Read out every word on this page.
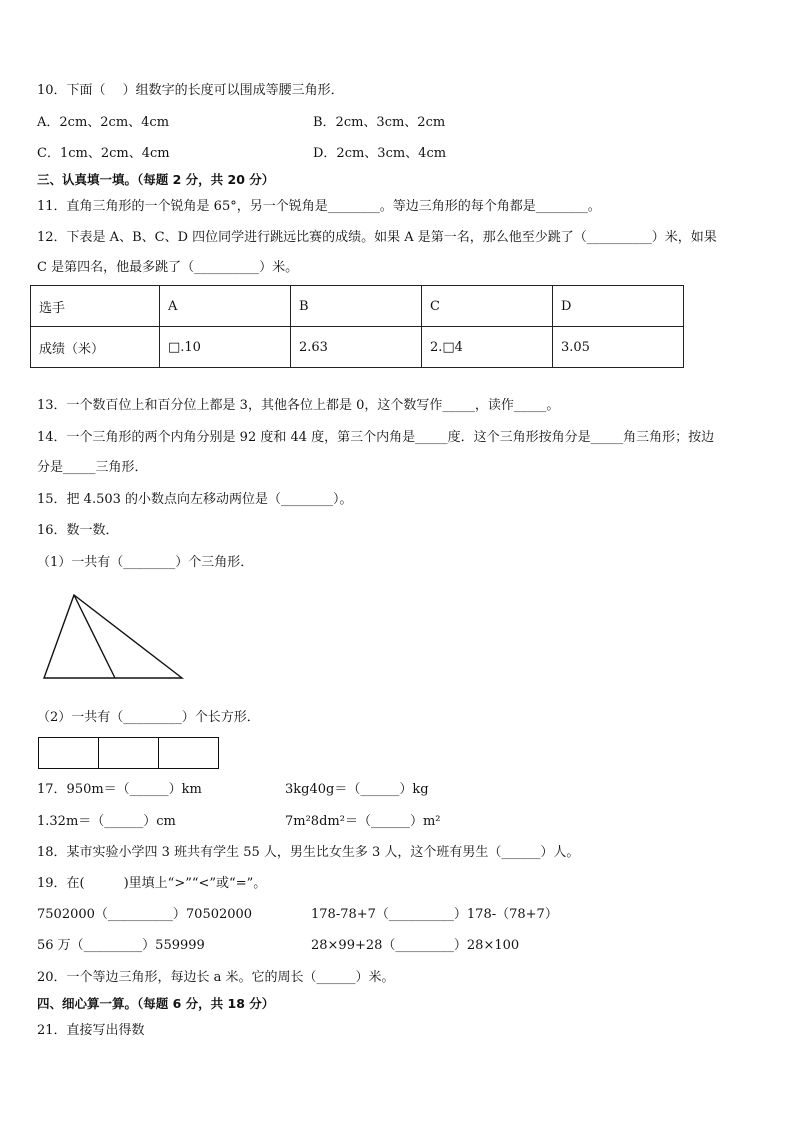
10．下面（　 ）组数字的长度可以围成等腰三角形．
A．2cm、2cm、4cm	B．2cm、3cm、2cm
C．1cm、2cm、4cm	D．2cm、3cm、4cm
三、认真填一填。（每题 2 分，共 20 分）
11．直角三角形的一个锐角是 65°，另一个锐角是________。等边三角形的每个角都是________。
12．下表是 A、B、C、D 四位同学进行跳远比赛的成绩。如果 A 是第一名，那么他至少跳了（__________）米，如果
C 是第四名，他最多跳了（__________）米。
选手	A	B	C	D
成绩（米）	□.10	2.63	2.□4	3.05
13．一个数百位上和百分位上都是 3，其他各位上都是 0，这个数写作_____，读作_____。
14．一个三角形的两个内角分别是 92 度和 44 度，第三个内角是_____度．这个三角形按角分是_____角三角形；按边
分是_____三角形．
15．把 4.503 的小数点向左移动两位是（________）。
16．数一数．
（1）一共有（________）个三角形．
（2）一共有（_________）个长方形．
17．950m＝（______）km	3kg40g＝（______）kg
1.32m＝（______）cm	7m²8dm²＝（______）m²
18．某市实验小学四 3 班共有学生 55 人，男生比女生多 3 人，这个班有男生（______）人。
19．在(　　　)里填上“>”“<”或“=”。
7502000（__________）70502000	178-78+7（__________）178-（78+7）
56 万（_________）559999	28×99+28（_________）28×100
20．一个等边三角形，每边长 a 米。它的周长（______）米。
四、细心算一算。（每题 6 分，共 18 分）
21．直接写出得数
